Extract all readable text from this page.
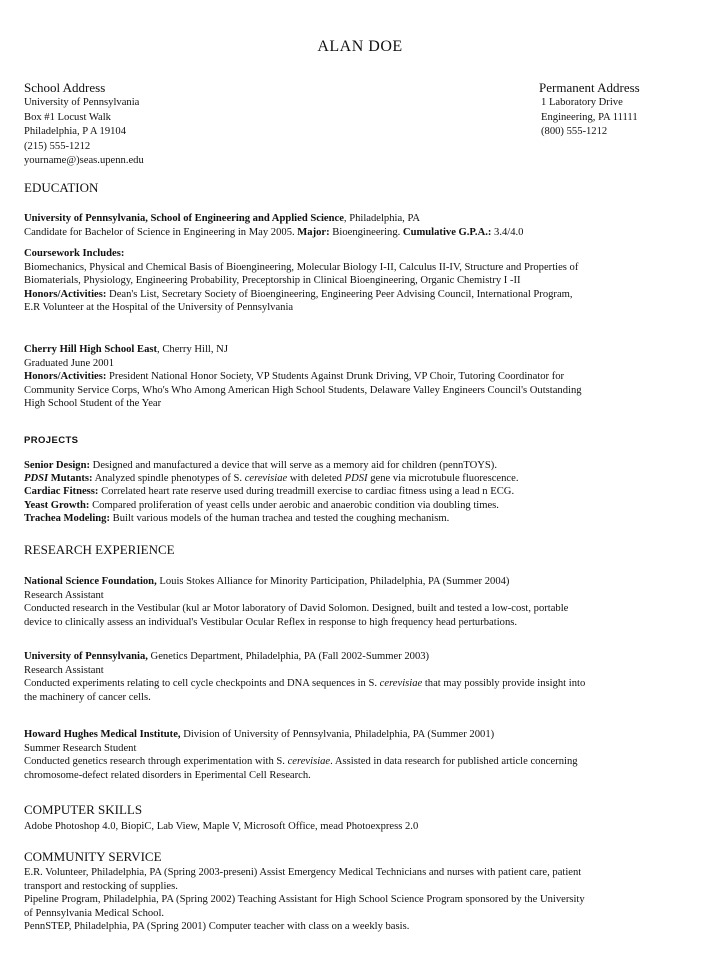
ALAN DOE
School Address
University of Pennsylvania
Box #1 Locust Walk
Philadelphia, P A 19104
(215) 555-1212
yourname@)seas.upenn.edu
Permanent Address
1 Laboratory Drive
Engineering, PA 11111
(800) 555-1212
EDUCATION
University of Pennsylvania, School of Engineering and Applied Science, Philadelphia, PA
Candidate for Bachelor of Science in Engineering in May 2005. Major: Bioengineering. Cumulative G.P.A.: 3.4/4.0
Coursework Includes:
Biomechanics, Physical and Chemical Basis of Bioengineering, Molecular Biology I-II, Calculus II-IV, Structure and Properties of
Biomaterials, Physiology, Engineering Probability, Preceptorship in Clinical Bioengineering, Organic Chemistry I -II
Honors/Activities: Dean's List, Secretary Society of Bioengineering, Engineering Peer Advising Council, International Program,
E.R Volunteer at the Hospital of the University of Pennsylvania
Cherry Hill High School East, Cherry Hill, NJ
Graduated June 2001
Honors/Activities: President National Honor Society, VP Students Against Drunk Driving, VP Choir, Tutoring Coordinator for
Community Service Corps, Who's Who Among American High School Students, Delaware Valley Engineers Council's Outstanding
High School Student of the Year
PROJECTS
Senior Design: Designed and manufactured a device that will serve as a memory aid for children (pennTOYS).
PDSI Mutants: Analyzed spindle phenotypes of S. cerevisiae with deleted PDSI gene via microtubule fluorescence.
Cardiac Fitness: Correlated heart rate reserve used during treadmill exercise to cardiac fitness using a lead n ECG.
Yeast Growth: Compared proliferation of yeast cells under aerobic and anaerobic condition via doubling times.
Trachea Modeling: Built various models of the human trachea and tested the coughing mechanism.
RESEARCH EXPERIENCE
National Science Foundation, Louis Stokes Alliance for Minority Participation, Philadelphia, PA (Summer 2004)
Research Assistant
Conducted research in the Vestibular (kul ar Motor laboratory of David Solomon. Designed, built and tested a low-cost, portable
device to clinically assess an individual's Vestibular Ocular Reflex in response to high frequency head perturbations.
University of Pennsylvania, Genetics Department, Philadelphia, PA (Fall 2002-Summer 2003)
Research Assistant
Conducted experiments relating to cell cycle checkpoints and DNA sequences in S. cerevisiae that may possibly provide insight into
the machinery of cancer cells.
Howard Hughes Medical Institute, Division of University of Pennsylvania, Philadelphia, PA (Summer 2001)
Summer Research Student
Conducted genetics research through experimentation with S. cerevisiae. Assisted in data research for published article concerning
chromosome-defect related disorders in Eperimental Cell Research.
COMPUTER SKILLS
Adobe Photoshop 4.0, BiopiC, Lab View, Maple V, Microsoft Office, mead Photoexpress 2.0
COMMUNITY SERVICE
E.R. Volunteer, Philadelphia, PA (Spring 2003-preseni) Assist Emergency Medical Technicians and nurses with patient care, patient
transport and restocking of supplies.
Pipeline Program, Philadelphia, PA (Spring 2002) Teaching Assistant for High School Science Program sponsored by the University
of Pennsylvania Medical School.
PennSTEP, Philadelphia, PA (Spring 2001) Computer teacher with class on a weekly basis.
